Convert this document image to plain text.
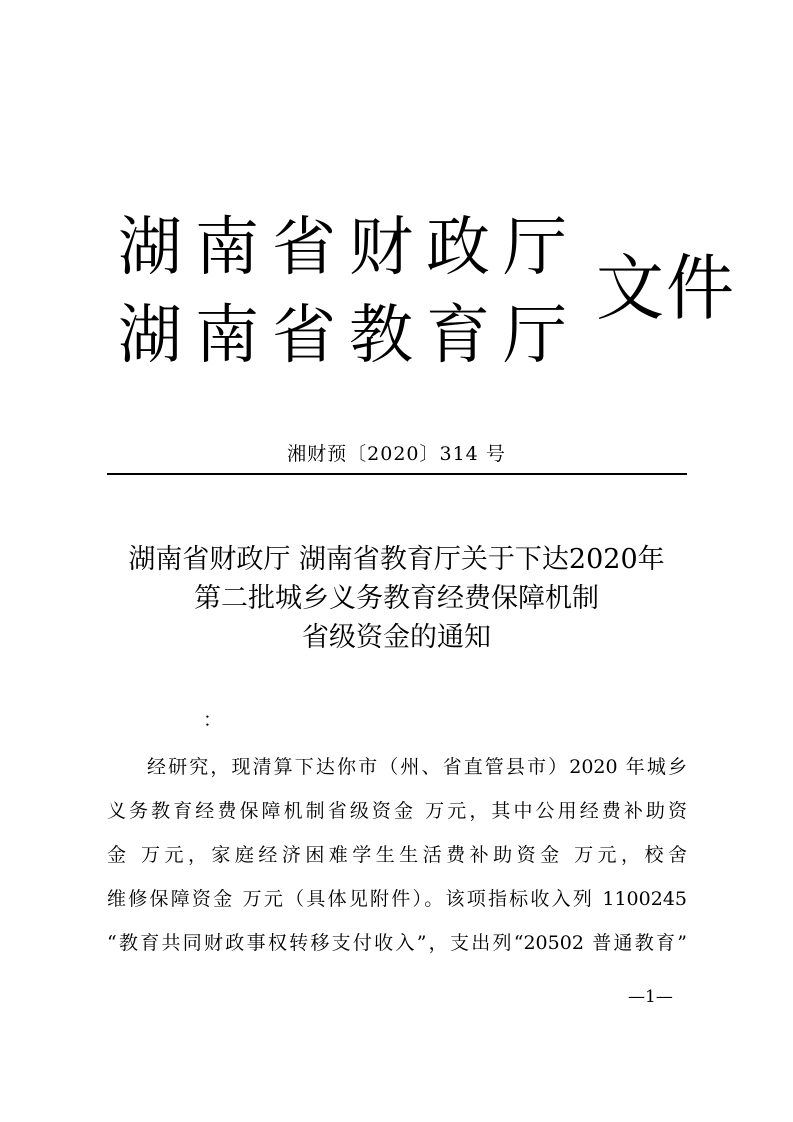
湖南省财政厅
湖南省教育厅
文件
湘财预〔2020〕314 号
湖南省财政厅 湖南省教育厅关于下达2020年
第二批城乡义务教育经费保障机制
省级资金的通知
：
经研究，现清算下达你市（州、省直管县市）2020 年城乡
义务教育经费保障机制省级资金 万元，其中公用经费补助资
金 万元，家庭经济困难学生生活费补助资金 万元，校舍
维修保障资金 万元（具体见附件）。该项指标收入列 1100245
“教育共同财政事权转移支付收入”，支出列“20502 普通教育”
—1—
